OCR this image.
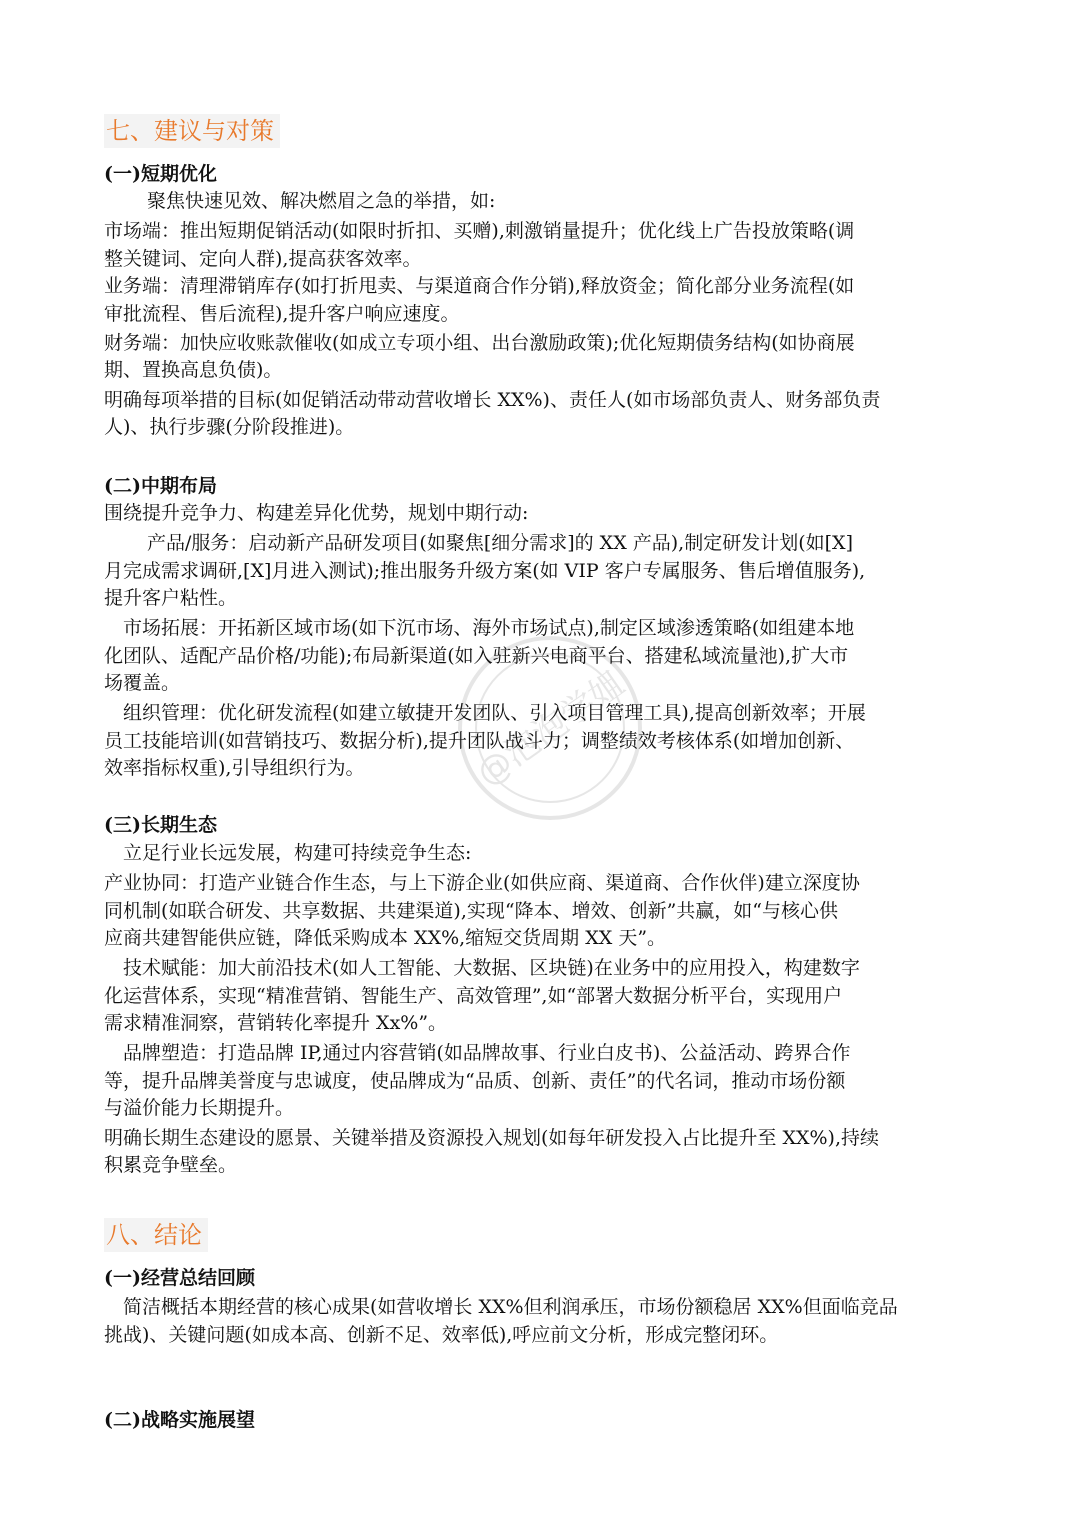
七、建议与对策
(一)短期优化
聚焦快速见效、解决燃眉之急的举措，如:
市场端：推出短期促销活动(如限时折扣、买赠),刺激销量提升；优化线上广告投放策略(调
整关键词、定向人群),提高获客效率。
业务端：清理滞销库存(如打折甩卖、与渠道商合作分销),释放资金；简化部分业务流程(如
审批流程、售后流程),提升客户响应速度。
财务端：加快应收账款催收(如成立专项小组、出台激励政策);优化短期债务结构(如协商展
期、置换高息负债)。
明确每项举措的目标(如促销活动带动营收增长 XX%)、责任人(如市场部负责人、财务部负责
人)、执行步骤(分阶段推进)。
(二)中期布局
围绕提升竞争力、构建差异化优势，规划中期行动:
产品/服务：启动新产品研发项目(如聚焦[细分需求]的 XX 产品),制定研发计划(如[X]
月完成需求调研,[X]月进入测试);推出服务升级方案(如 VIP 客户专属服务、售后增值服务),
提升客户粘性。
市场拓展：开拓新区域市场(如下沉市场、海外市场试点),制定区域渗透策略(如组建本地
化团队、适配产品价格/功能);布局新渠道(如入驻新兴电商平台、搭建私域流量池),扩大市
场覆盖。
组织管理：优化研发流程(如建立敏捷开发团队、引入项目管理工具),提高创新效率；开展
员工技能培训(如营销技巧、数据分析),提升团队战斗力；调整绩效考核体系(如增加创新、
效率指标权重),引导组织行为。
(三)长期生态
立足行业长远发展，构建可持续竞争生态:
产业协同：打造产业链合作生态，与上下游企业(如供应商、渠道商、合作伙伴)建立深度协
同机制(如联合研发、共享数据、共建渠道),实现“降本、增效、创新”共赢，如“与核心供
应商共建智能供应链，降低采购成本 XX%,缩短交货周期 XX 天”。
技术赋能：加大前沿技术(如人工智能、大数据、区块链)在业务中的应用投入，构建数字
化运营体系，实现“精准营销、智能生产、高效管理”,如“部署大数据分析平台，实现用户
需求精准洞察，营销转化率提升 Xx%”。
品牌塑造：打造品牌 IP,通过内容营销(如品牌故事、行业白皮书)、公益活动、跨界合作
等，提升品牌美誉度与忠诚度，使品牌成为“品质、创新、责任”的代名词，推动市场份额
与溢价能力长期提升。
明确长期生态建设的愿景、关键举措及资源投入规划(如每年研发投入占比提升至 XX%),持续
积累竞争壁垒。
八、结论
(一)经营总结回顾
简洁概括本期经营的核心成果(如营收增长 XX%但利润承压，市场份额稳居 XX%但面临竞品
挑战)、关键问题(如成本高、创新不足、效率低),呼应前文分析，形成完整闭环。
(二)战略实施展望
@泡泡学姐
